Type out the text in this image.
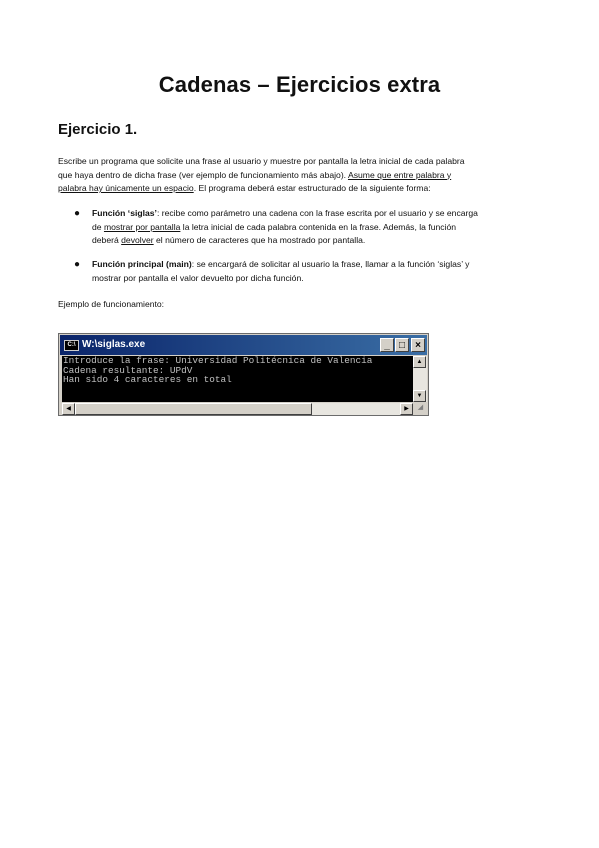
Cadenas – Ejercicios extra
Ejercicio 1.
Escribe un programa que solicite una frase al usuario y muestre por pantalla la letra inicial de cada palabra
que haya dentro de dicha frase (ver ejemplo de funcionamiento más abajo). Asume que entre palabra y
palabra hay únicamente un espacio. El programa deberá estar estructurado de la siguiente forma:
● Función ‘siglas’: recibe como parámetro una cadena con la frase escrita por el usuario y se encarga
de mostrar por pantalla la letra inicial de cada palabra contenida en la frase. Además, la función
deberá devolver el número de caracteres que ha mostrado por pantalla.
● Función principal (main): se encargará de solicitar al usuario la frase, llamar a la función ‘siglas’ y
mostrar por pantalla el valor devuelto por dicha función.
Ejemplo de funcionamiento:
C:\ W:\siglas.exe	_ □	×
Introduce la frase: Universidad Politécnica de Valencia
Cadena resultante: UPdV
Han sido 4 caracteres en total
▲
▼
◀	▶	◢
